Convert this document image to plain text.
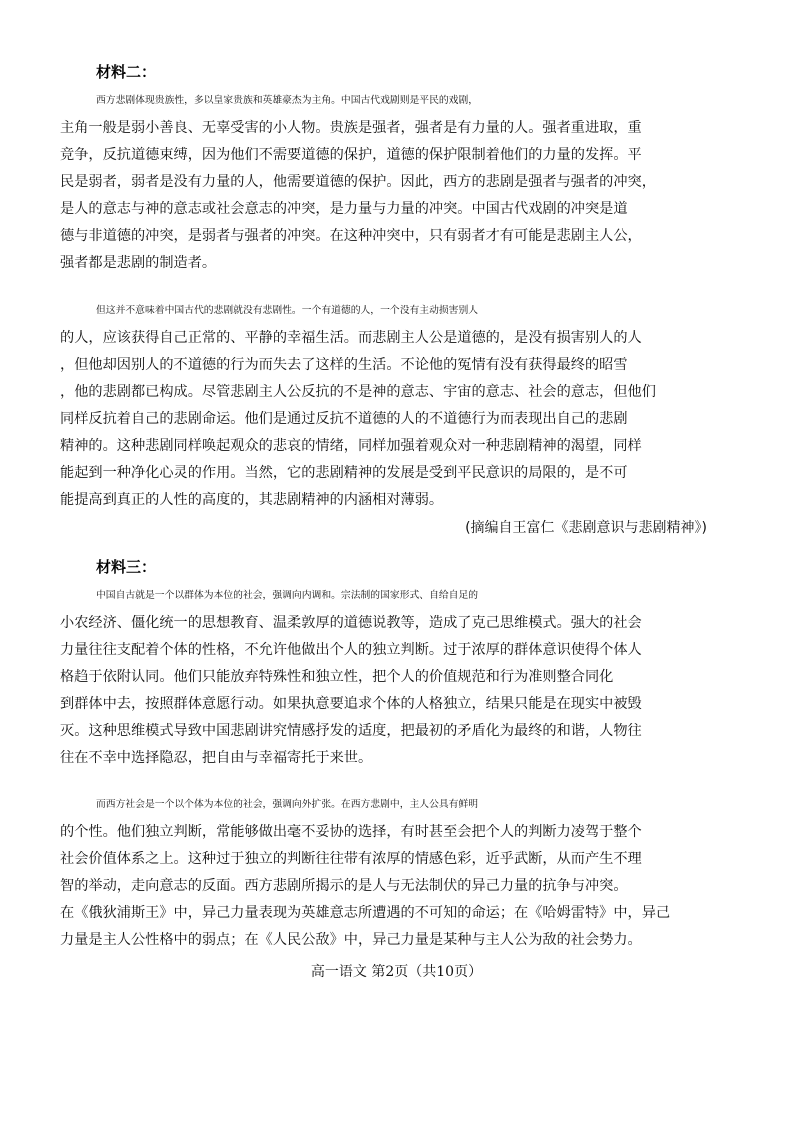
材料二：
西方悲剧体现贵族性，多以皇家贵族和英雄豪杰为主角。中国古代戏剧则是平民的戏剧，
主角一般是弱小善良、无辜受害的小人物。贵族是强者，强者是有力量的人。强者重进取，重
竞争，反抗道德束缚，因为他们不需要道德的保护，道德的保护限制着他们的力量的发挥。平
民是弱者，弱者是没有力量的人，他需要道德的保护。因此，西方的悲剧是强者与强者的冲突，
是人的意志与神的意志或社会意志的冲突，是力量与力量的冲突。中国古代戏剧的冲突是道
德与非道德的冲突，是弱者与强者的冲突。在这种冲突中，只有弱者才有可能是悲剧主人公，
强者都是悲剧的制造者。
但这并不意味着中国古代的悲剧就没有悲剧性。一个有道德的人，一个没有主动损害别人
的人，应该获得自己正常的、平静的幸福生活。而悲剧主人公是道德的，是没有损害别人的人
，但他却因别人的不道德的行为而失去了这样的生活。不论他的冤情有没有获得最终的昭雪
，他的悲剧都已构成。尽管悲剧主人公反抗的不是神的意志、宇宙的意志、社会的意志，但他们
同样反抗着自己的悲剧命运。他们是通过反抗不道德的人的不道德行为而表现出自己的悲剧
精神的。这种悲剧同样唤起观众的悲哀的情绪，同样加强着观众对一种悲剧精神的渴望，同样
能起到一种净化心灵的作用。当然，它的悲剧精神的发展是受到平民意识的局限的，是不可
能提高到真正的人性的高度的，其悲剧精神的内涵相对薄弱。
(摘编自王富仁《悲剧意识与悲剧精神》)
材料三：
中国自古就是一个以群体为本位的社会，强调向内调和。宗法制的国家形式、自给自足的
小农经济、僵化统一的思想教育、温柔敦厚的道德说教等，造成了克己思维模式。强大的社会
力量往往支配着个体的性格，不允许他做出个人的独立判断。过于浓厚的群体意识使得个体人
格趋于依附认同。他们只能放弃特殊性和独立性，把个人的价值规范和行为准则整合同化
到群体中去，按照群体意愿行动。如果执意要追求个体的人格独立，结果只能是在现实中被毁
灭。这种思维模式导致中国悲剧讲究情感抒发的适度，把最初的矛盾化为最终的和谐，人物往
往在不幸中选择隐忍，把自由与幸福寄托于来世。
而西方社会是一个以个体为本位的社会，强调向外扩张。在西方悲剧中，主人公具有鲜明
的个性。他们独立判断，常能够做出毫不妥协的选择，有时甚至会把个人的判断力凌驾于整个
社会价值体系之上。这种过于独立的判断往往带有浓厚的情感色彩，近乎武断，从而产生不理
智的举动，走向意志的反面。西方悲剧所揭示的是人与无法制伏的异己力量的抗争与冲突。
在《俄狄浦斯王》中，异己力量表现为英雄意志所遭遇的不可知的命运；在《哈姆雷特》中，异己
力量是主人公性格中的弱点；在《人民公敌》中，异己力量是某种与主人公为敌的社会势力。
高一语文 第2页（共10页）
